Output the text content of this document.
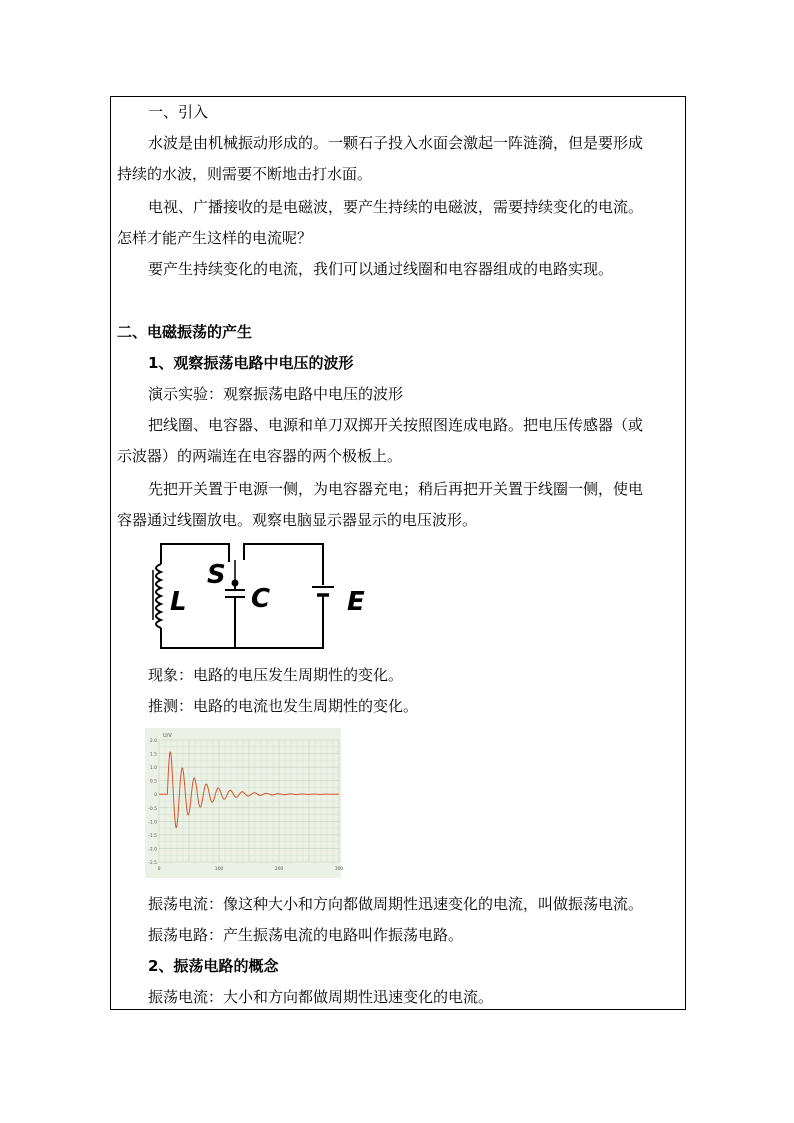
一、引入
水波是由机械振动形成的。一颗石子投入水面会激起一阵涟漪，但是要形成
持续的水波，则需要不断地击打水面。
电视、广播接收的是电磁波，要产生持续的电磁波，需要持续变化的电流。
怎样才能产生这样的电流呢？
要产生持续变化的电流，我们可以通过线圈和电容器组成的电路实现。
二、电磁振荡的产生
1、观察振荡电路中电压的波形
演示实验：观察振荡电路中电压的波形
把线圈、电容器、电源和单刀双掷开关按照图连成电路。把电压传感器（或
示波器）的两端连在电容器的两个极板上。
先把开关置于电源一侧，为电容器充电；稍后再把开关置于线圈一侧，使电
容器通过线圈放电。观察电脑显示器显示的电压波形。
L
S
C	E
现象：电路的电压发生周期性的变化。
推测：电路的电流也发生周期性的变化。
2.0
1.5
1.0
0.5
0
-0.5
-1.0
-1.5
-2.0
-2.5
0	100	200	300
U/V
振荡电流：像这种大小和方向都做周期性迅速变化的电流，叫做振荡电流。
振荡电路：产生振荡电流的电路叫作振荡电路。
2、振荡电路的概念
振荡电流：大小和方向都做周期性迅速变化的电流。
